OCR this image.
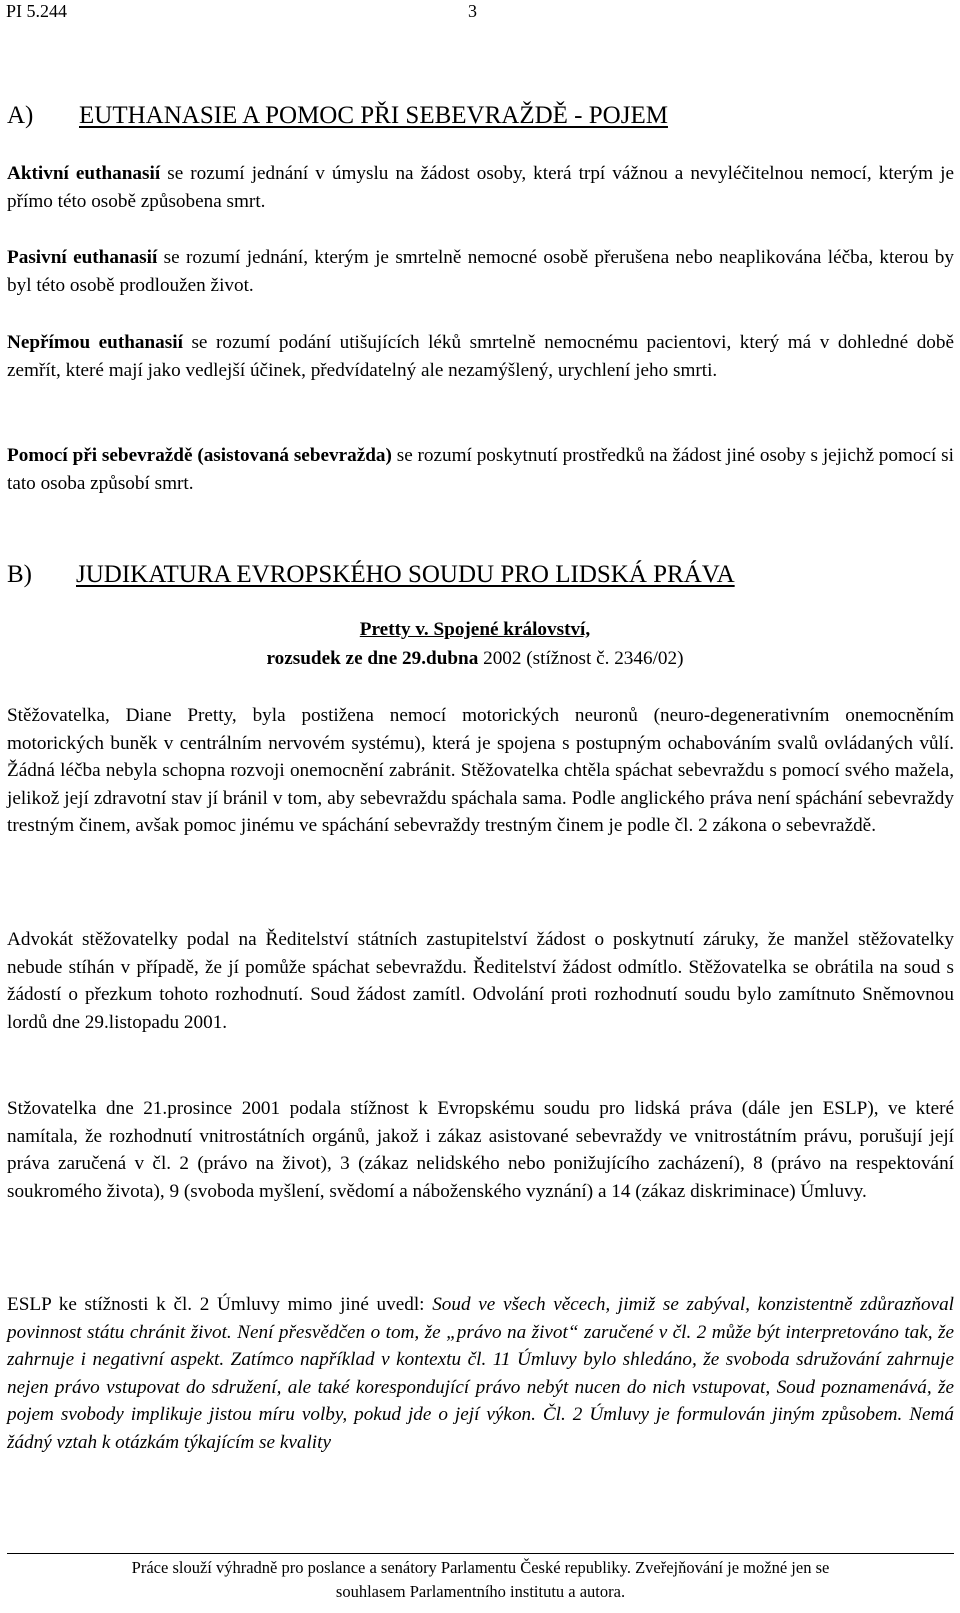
PI 5.244	3
A)	EUTHANASIE A POMOC PŘI SEBEVRAŽDĚ - POJEM

Aktivní euthanasií se rozumí jednání v úmyslu na žádost osoby, která trpí vážnou a nevyléčitelnou nemocí, kterým je přímo této osobě způsobena smrt.

Pasivní euthanasií se rozumí jednání, kterým je smrtelně nemocné osobě přerušena nebo neaplikována léčba, kterou by byl této osobě prodloužen život.

Nepřímou euthanasií se rozumí podání utišujících léků smrtelně nemocnému pacientovi, který má v dohledné době zemřít, které mají jako vedlejší účinek, předvídatelný ale nezamýšlený, urychlení jeho smrti.

Pomocí při sebevraždě (asistovaná sebevražda) se rozumí poskytnutí prostředků na žádost jiné osoby s jejichž pomocí si tato osoba způsobí smrt.

B)	JUDIKATURA EVROPSKÉHO SOUDU PRO LIDSKÁ PRÁVA
Pretty v. Spojené království,
rozsudek ze dne 29.dubna 2002 (stížnost č. 2346/02)

Stěžovatelka, Diane Pretty, byla postižena nemocí motorických neuronů (neuro-degenerativním onemocněním motorických buněk v centrálním nervovém systému), která je spojena s postupným ochabováním svalů ovládaných vůlí. Žádná léčba nebyla schopna rozvoji onemocnění zabránit. Stěžovatelka chtěla spáchat sebevraždu s pomocí svého mažela, jelikož její zdravotní stav jí bránil v tom, aby sebevraždu spáchala sama. Podle anglického práva není spáchání sebevraždy trestným činem, avšak pomoc jinému ve spáchání sebevraždy trestným činem je podle čl. 2 zákona o sebevraždě.

Advokát stěžovatelky podal na Ředitelství státních zastupitelství žádost o poskytnutí záruky, že manžel stěžovatelky nebude stíhán v případě, že jí pomůže spáchat sebevraždu. Ředitelství žádost odmítlo. Stěžovatelka se obrátila na soud s žádostí o přezkum tohoto rozhodnutí. Soud žádost zamítl. Odvolání proti rozhodnutí soudu bylo zamítnuto Sněmovnou lordů dne 29.listopadu 2001.

Stžovatelka dne 21.prosince 2001 podala stížnost k Evropskému soudu pro lidská práva (dále jen ESLP), ve které namítala, že rozhodnutí vnitrostátních orgánů, jakož i zákaz asistované sebevraždy ve vnitrostátním právu, porušují její práva zaručená v čl. 2 (právo na život), 3 (zákaz nelidského nebo ponižujícího zacházení), 8 (právo na respektování soukromého života), 9 (svoboda myšlení, svědomí a náboženského vyznání) a 14 (zákaz diskriminace) Úmluvy.

ESLP ke stížnosti k čl. 2 Úmluvy mimo jiné uvedl: Soud ve všech věcech, jimiž se zabýval, konzistentně zdůrazňoval povinnost státu chránit život. Není přesvědčen o tom, že „právo na život“ zaručené v čl. 2 může být interpretováno tak, že zahrnuje i negativní aspekt. Zatímco například v kontextu čl. 11 Úmluvy bylo shledáno, že svoboda sdružování zahrnuje nejen právo vstupovat do sdružení, ale také korespondující právo nebýt nucen do nich vstupovat, Soud poznamenává, že pojem svobody implikuje jistou míru volby, pokud jde o její výkon. Čl. 2 Úmluvy je formulován jiným způsobem. Nemá žádný vztah k otázkám týkajícím se kvality

Práce slouží výhradně pro poslance a senátory Parlamentu České republiky. Zveřejňování je možné jen se
souhlasem Parlamentního institutu a autora.
